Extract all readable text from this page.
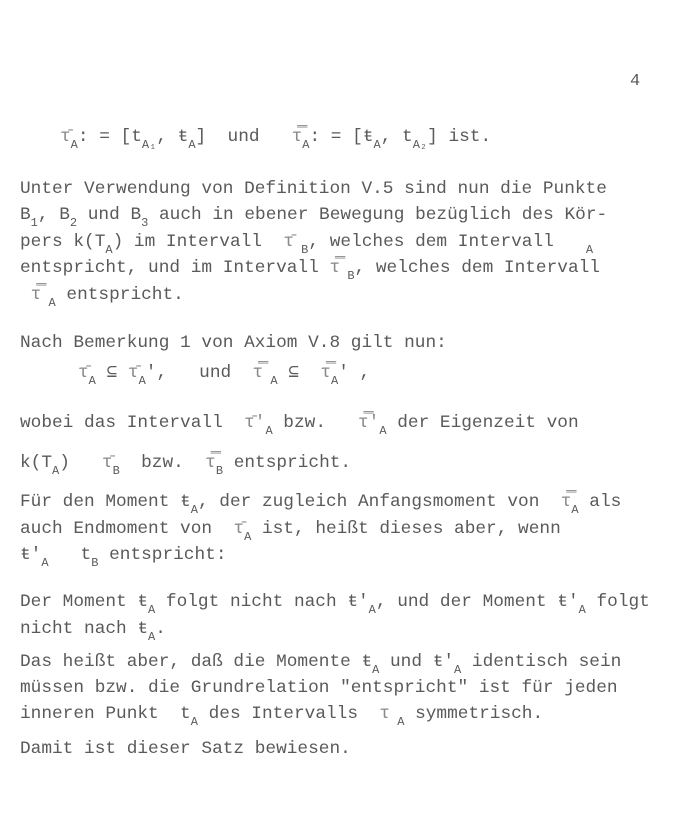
4
$\taū_A$: = [$t_{A_1}$, $ŧ_A$]  und   $\tau̿_A$: = [$ŧ_A$, $t_{A_2}$] ist.
Unter Verwendung von Definition V.5 sind nun die Punkte
$B_1$, $B_2$ und $B_3$ auch in ebener Bewegung bezüglich des Kör-
pers $k(T_A)$ im Intervall  τ̄ $_B$, welches dem Intervall   $_A$
entspricht, und im Intervall τ̿ $_B$, welches dem Intervall
τ̿ $_A$ entspricht.
Nach Bemerkung 1 von Axiom V.8 gilt nun:
$\taū_A$ ⊆ $\taū_A'$,   und  τ̿ $_A$ ⊆  $\tau̿_A'$ ,
wobei das Intervall  $\taū'_A$ bzw.   $\tau̿'_A$ der Eigenzeit von
$k(T_A)$   $\taū_B$  bzw.  $\tau̿_B$ entspricht.
Für den Moment $ŧ_A$, der zugleich Anfangsmoment von  $\tau̿_A$ als
auch Endmoment von  $\taū_A$ ist, heißt dieses aber, wenn
$ŧ'_A$   $t_B$ entspricht:
Der Moment $ŧ_A$ folgt nicht nach $ŧ'_A$, und der Moment $ŧ'_A$ folgt
nicht nach $ŧ_A$.
Das heißt aber, daß die Momente $ŧ_A$ und $ŧ'_A$ identisch sein
müssen bzw. die Grundrelation "entspricht" ist für jeden
inneren Punkt  $t_A$ des Intervalls  τ $_A$ symmetrisch.
Damit ist dieser Satz bewiesen.
